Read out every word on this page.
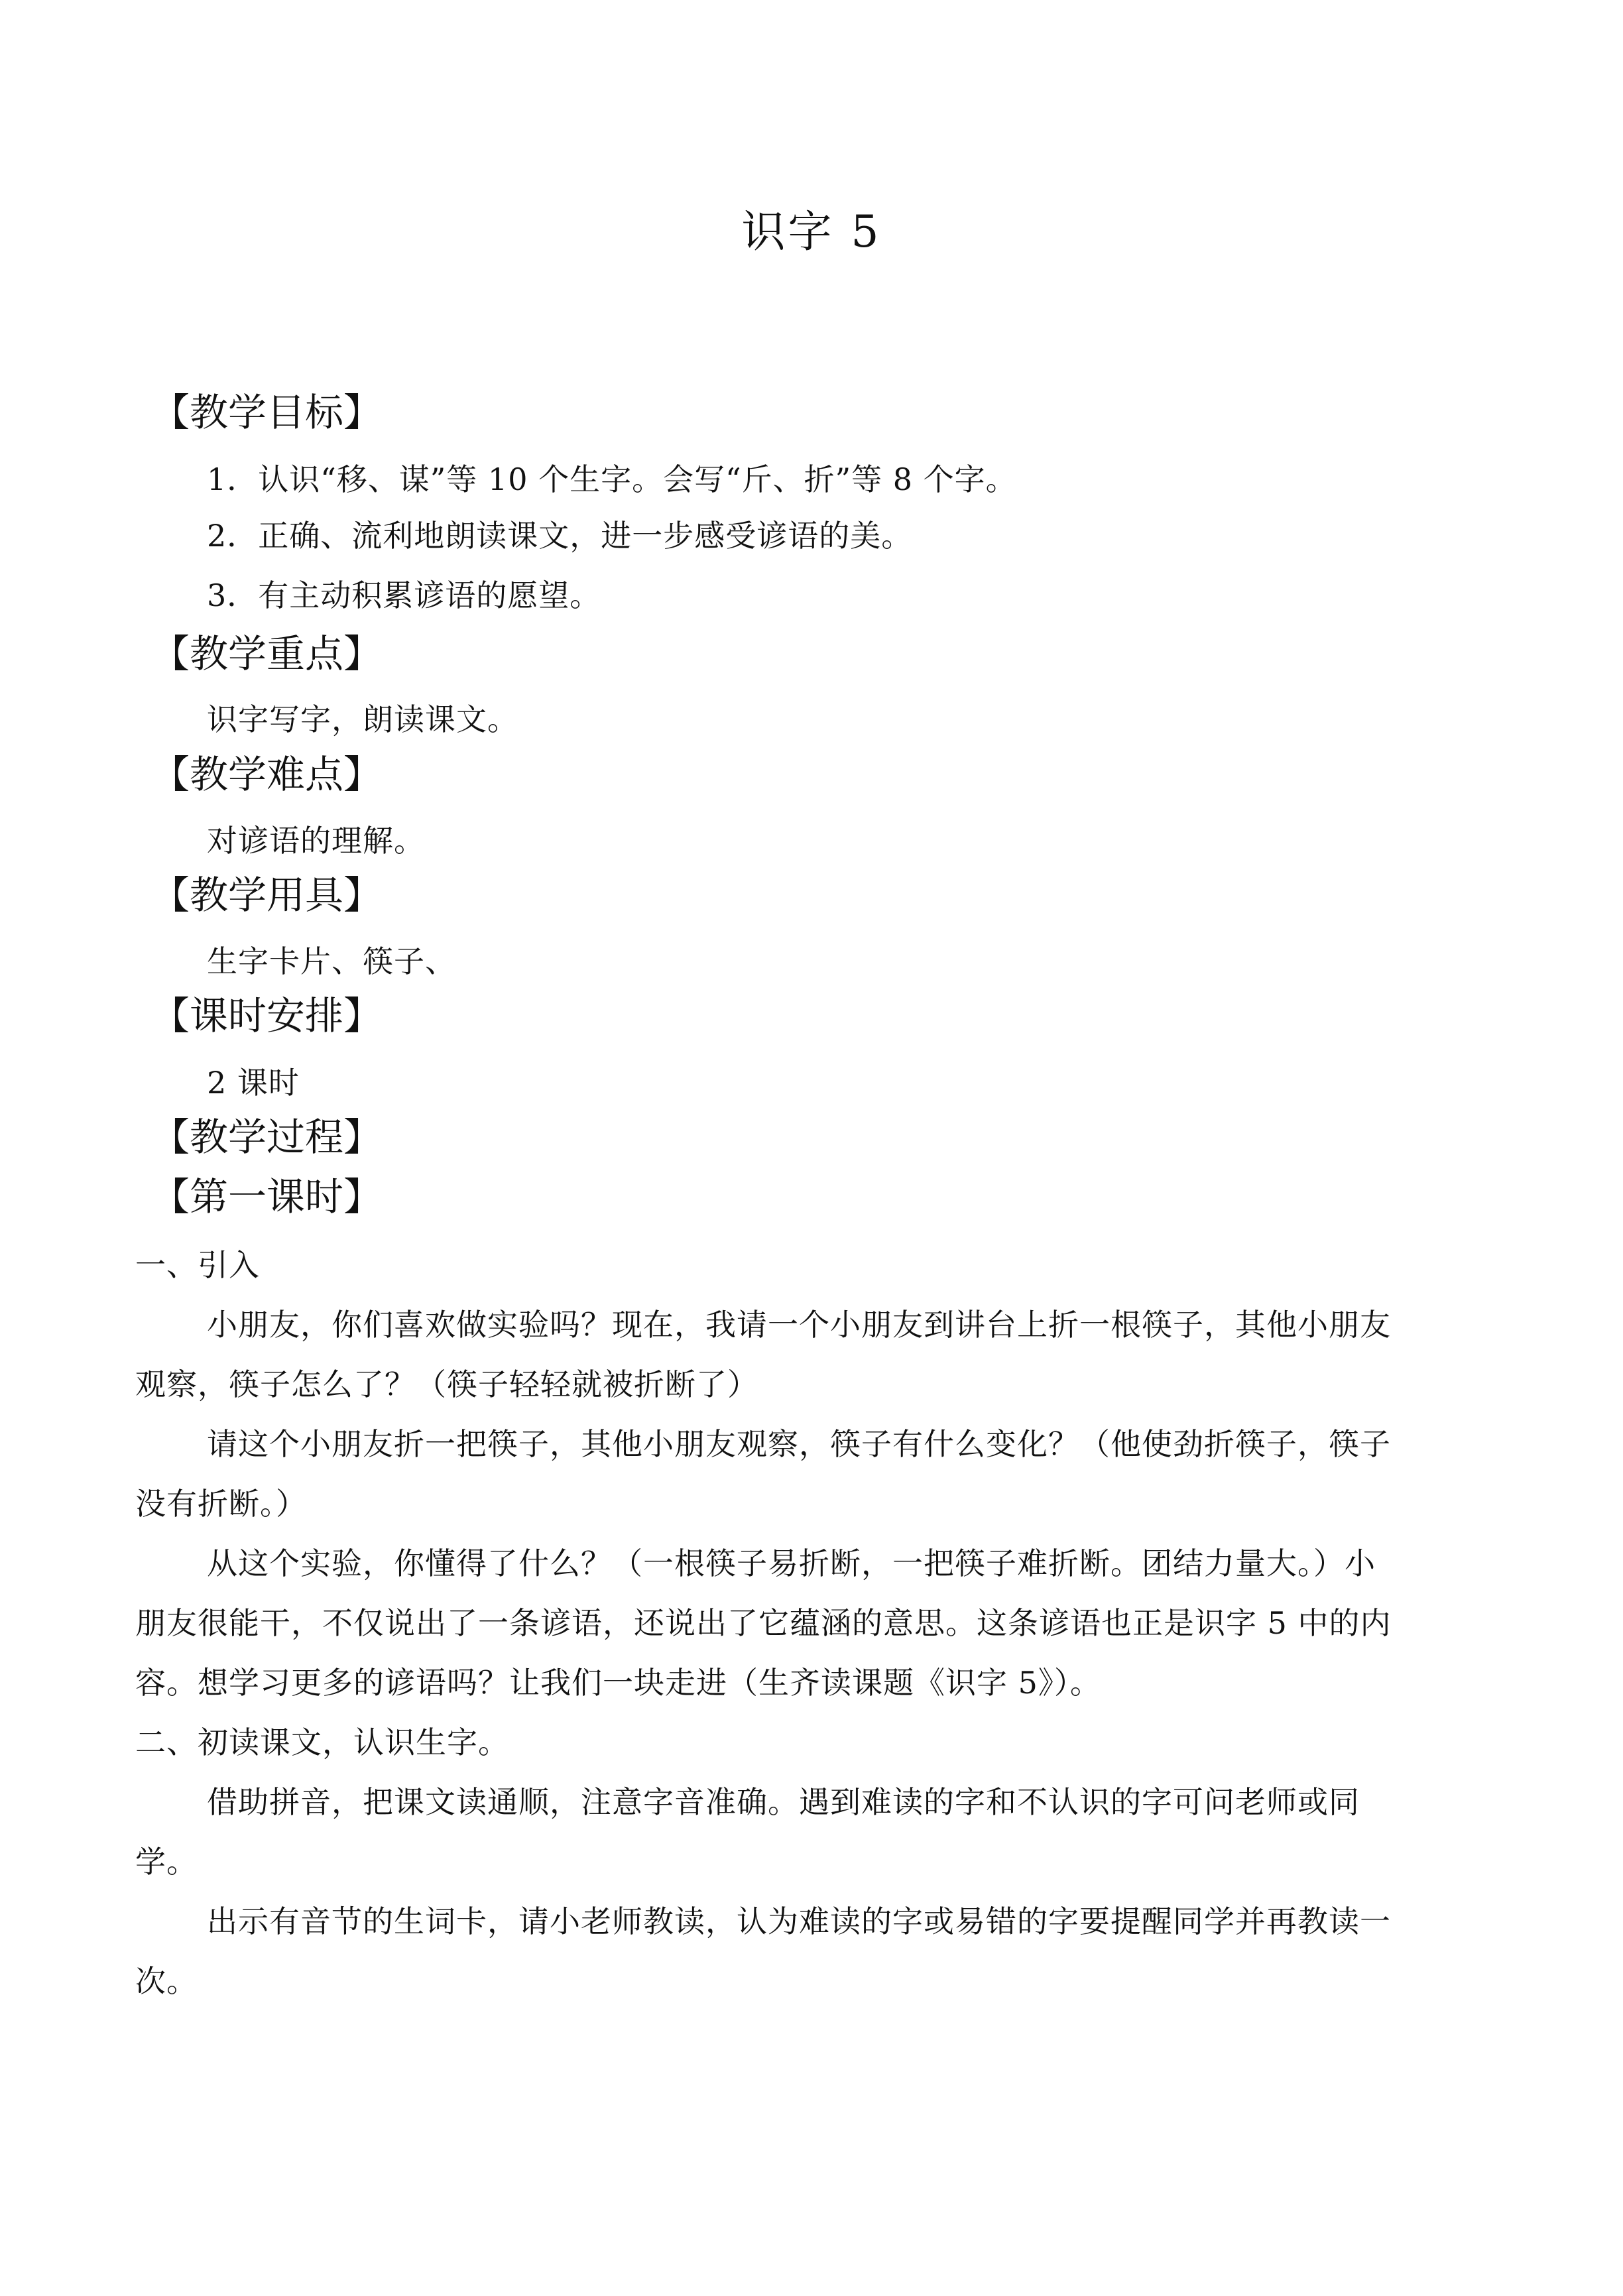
识字 5
【教学目标】
1．认识“移、谋”等 10 个生字。会写“斤、折”等 8 个字。
2．正确、流利地朗读课文，进一步感受谚语的美。
3．有主动积累谚语的愿望。
【教学重点】
识字写字，朗读课文。
【教学难点】
对谚语的理解。
【教学用具】
生字卡片、筷子、
【课时安排】
2 课时
【教学过程】
【第一课时】
一、引入
小朋友，你们喜欢做实验吗？现在，我请一个小朋友到讲台上折一根筷子，其他小朋友
观察，筷子怎么了？（筷子轻轻就被折断了）
请这个小朋友折一把筷子，其他小朋友观察，筷子有什么变化？（他使劲折筷子，筷子
没有折断。）
从这个实验，你懂得了什么？（一根筷子易折断，一把筷子难折断。团结力量大。）小
朋友很能干，不仅说出了一条谚语，还说出了它蕴涵的意思。这条谚语也正是识字 5 中的内
容。想学习更多的谚语吗？让我们一块走进（生齐读课题《识字 5》）。
二、初读课文，认识生字。
借助拼音，把课文读通顺，注意字音准确。遇到难读的字和不认识的字可问老师或同
学。
出示有音节的生词卡，请小老师教读，认为难读的字或易错的字要提醒同学并再教读一
次。
